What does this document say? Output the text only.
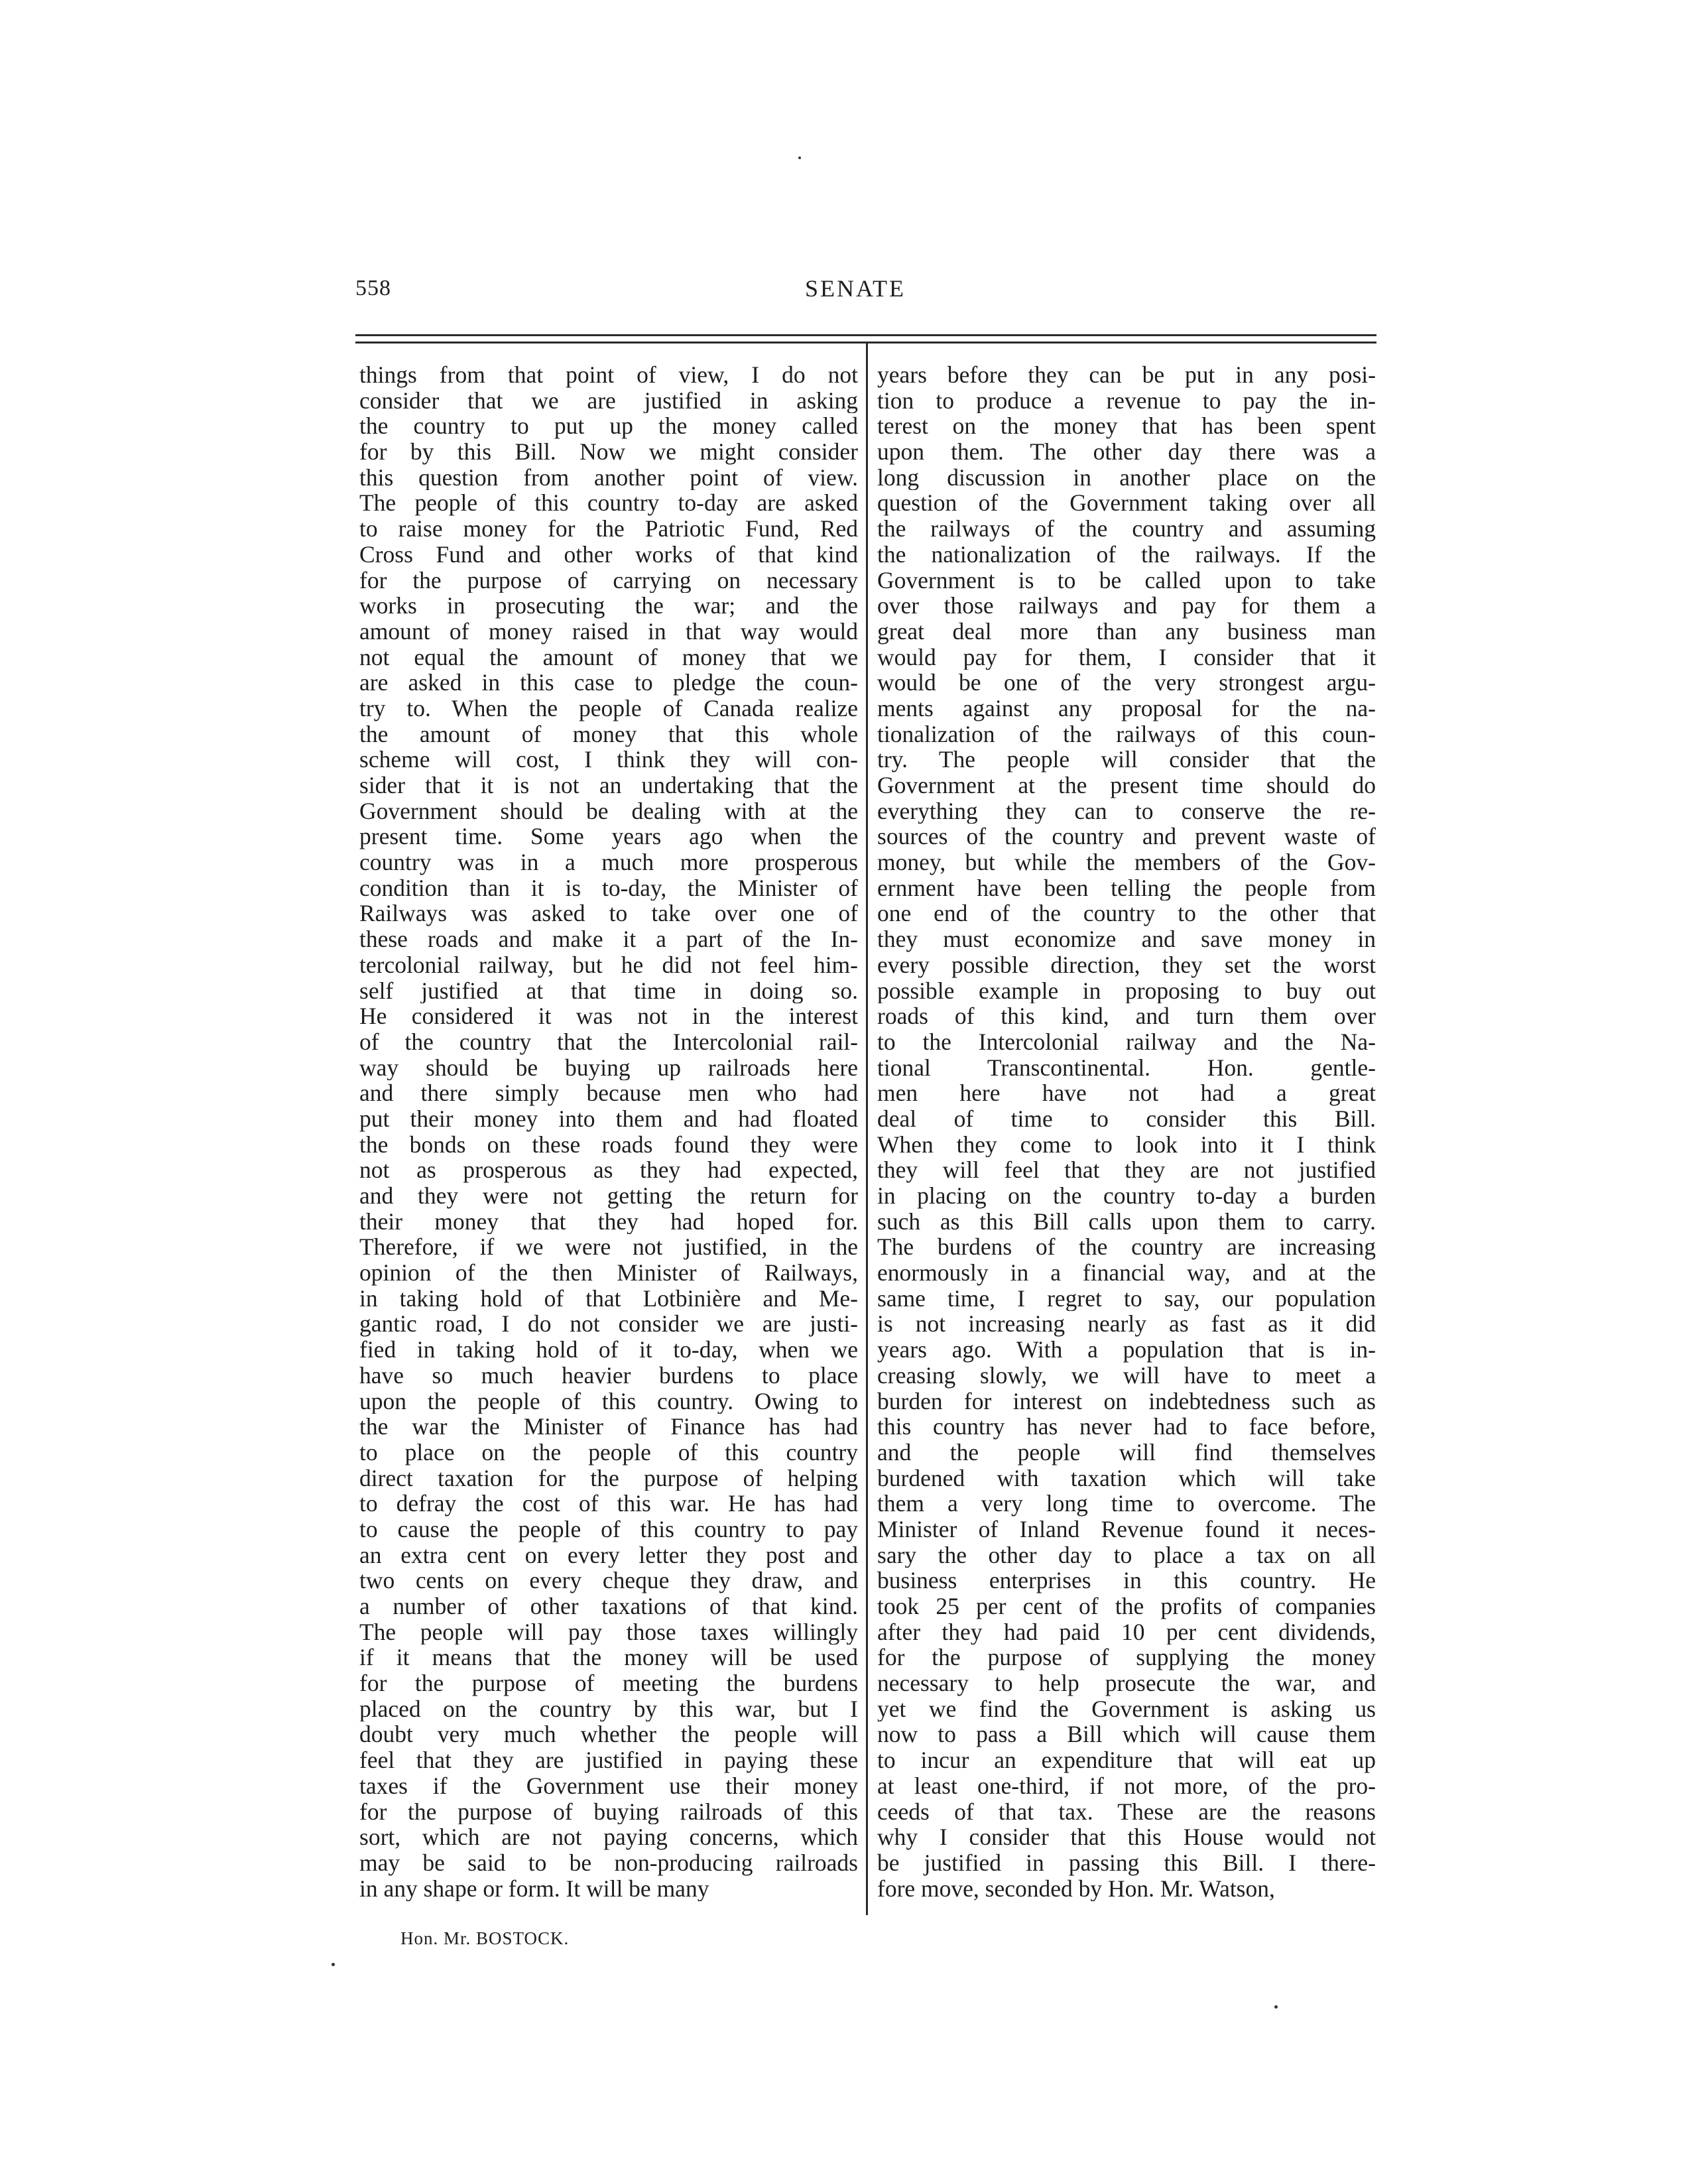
558	SENATE
things from that point of view, I do not
consider that we are justified in asking
the country to put up the money called
for by this Bill. Now we might consider
this question from another point of view.
The people of this country to-day are asked
to raise money for the Patriotic Fund, Red
Cross Fund and other works of that kind
for the purpose of carrying on necessary
works in prosecuting the war; and the
amount of money raised in that way would
not equal the amount of money that we
are asked in this case to pledge the coun-
try to. When the people of Canada realize
the amount of money that this whole
scheme will cost, I think they will con-
sider that it is not an undertaking that the
Government should be dealing with at the
present time. Some years ago when the
country was in a much more prosperous
condition than it is to-day, the Minister of
Railways was asked to take over one of
these roads and make it a part of the In-
tercolonial railway, but he did not feel him-
self justified at that time in doing so.
He considered it was not in the interest
of the country that the Intercolonial rail-
way should be buying up railroads here
and there simply because men who had
put their money into them and had floated
the bonds on these roads found they were
not as prosperous as they had expected,
and they were not getting the return for
their money that they had hoped for.
Therefore, if we were not justified, in the
opinion of the then Minister of Railways,
in taking hold of that Lotbinière and Me-
gantic road, I do not consider we are justi-
fied in taking hold of it to-day, when we
have so much heavier burdens to place
upon the people of this country. Owing to
the war the Minister of Finance has had
to place on the people of this country
direct taxation for the purpose of helping
to defray the cost of this war. He has had
to cause the people of this country to pay
an extra cent on every letter they post and
two cents on every cheque they draw, and
a number of other taxations of that kind.
The people will pay those taxes willingly
if it means that the money will be used
for the purpose of meeting the burdens
placed on the country by this war, but I
doubt very much whether the people will
feel that they are justified in paying these
taxes if the Government use their money
for the purpose of buying railroads of this
sort, which are not paying concerns, which
may be said to be non-producing railroads
in any shape or form. It will be many
years before they can be put in any posi-
tion to produce a revenue to pay the in-
terest on the money that has been spent
upon them. The other day there was a
long discussion in another place on the
question of the Government taking over all
the railways of the country and assuming
the nationalization of the railways. If the
Government is to be called upon to take
over those railways and pay for them a
great deal more than any business man
would pay for them, I consider that it
would be one of the very strongest argu-
ments against any proposal for the na-
tionalization of the railways of this coun-
try. The people will consider that the
Government at the present time should do
everything they can to conserve the re-
sources of the country and prevent waste of
money, but while the members of the Gov-
ernment have been telling the people from
one end of the country to the other that
they must economize and save money in
every possible direction, they set the worst
possible example in proposing to buy out
roads of this kind, and turn them over
to the Intercolonial railway and the Na-
tional Transcontinental. Hon. gentle-
men here have not had a great
deal of time to consider this Bill.
When they come to look into it I think
they will feel that they are not justified
in placing on the country to-day a burden
such as this Bill calls upon them to carry.
The burdens of the country are increasing
enormously in a financial way, and at the
same time, I regret to say, our population
is not increasing nearly as fast as it did
years ago. With a population that is in-
creasing slowly, we will have to meet a
burden for interest on indebtedness such as
this country has never had to face before,
and the people will find themselves
burdened with taxation which will take
them a very long time to overcome. The
Minister of Inland Revenue found it neces-
sary the other day to place a tax on all
business enterprises in this country. He
took 25 per cent of the profits of companies
after they had paid 10 per cent dividends,
for the purpose of supplying the money
necessary to help prosecute the war, and
yet we find the Government is asking us
now to pass a Bill which will cause them
to incur an expenditure that will eat up
at least one-third, if not more, of the pro-
ceeds of that tax. These are the reasons
why I consider that this House would not
be justified in passing this Bill. I there-
fore move, seconded by Hon. Mr. Watson,
Hon. Mr. BOSTOCK.
